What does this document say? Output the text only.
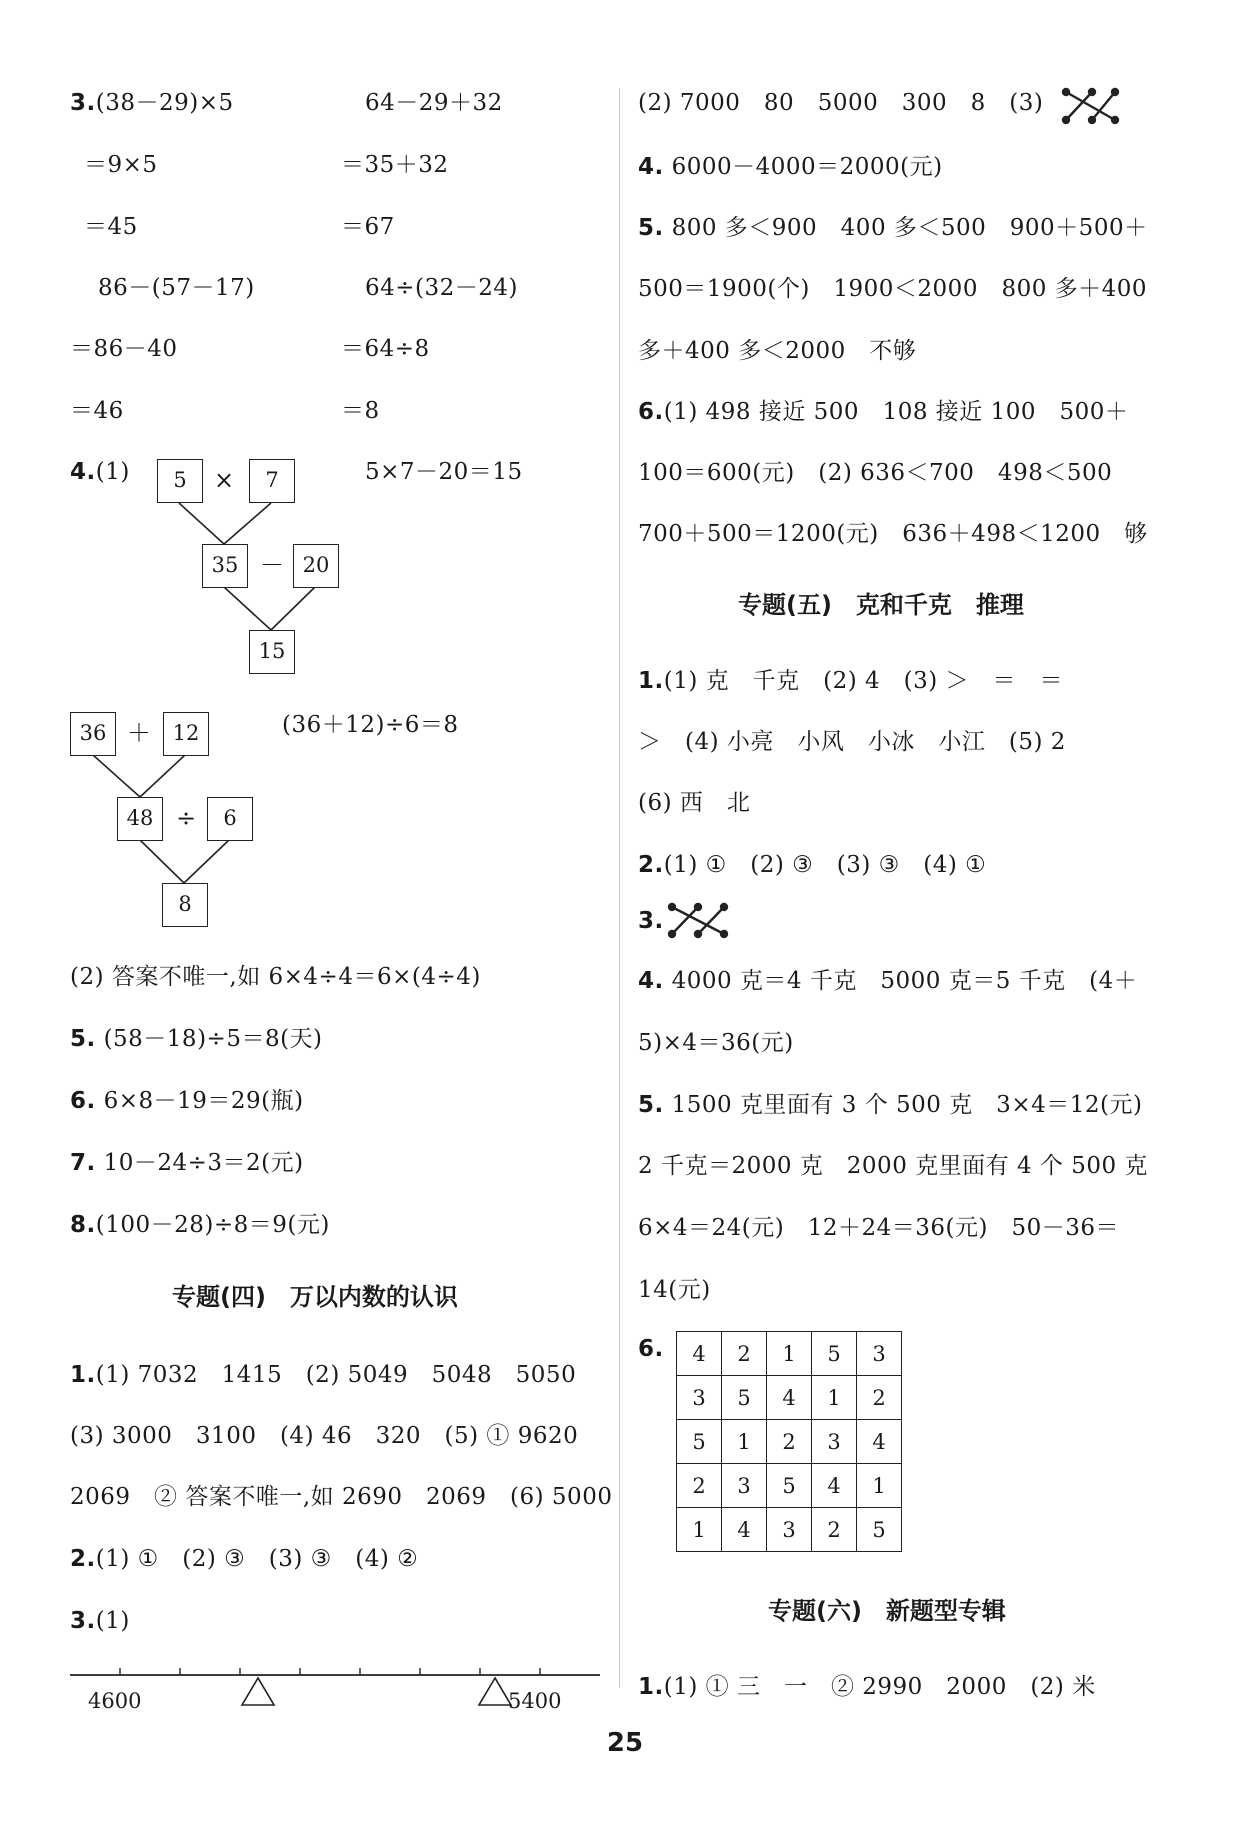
3.(38－29)×5	64－29＋32
＝9×5	＝35＋32
＝45	＝67
86－(57－17)	64÷(32－24)
＝86－40	＝64÷8
＝46	＝8
4.(1)	5×7－20＝15
5	×	7
35 － 20
15
(36＋12)÷6＝8
36 ＋	12
48 ÷	6
8
(2) 答案不唯一,如 6×4÷4＝6×(4÷4)
5. (58－18)÷5＝8(天)
6. 6×8－19＝29(瓶)
7. 10－24÷3＝2(元)
8.(100－28)÷8＝9(元)
专题(四)　万以内数的认识
1.(1) 7032　1415　(2) 5049　5048　5050
(3) 3000　3100　(4) 46　320　(5) ① 9620
2069　② 答案不唯一,如 2690　2069　(6) 5000
2.(1) ①　(2) ③　(3) ③　(4) ②
3.(1)
4600	5400
(2) 7000　80　5000　300　8　(3)
4. 6000－4000＝2000(元)
5. 800 多＜900　400 多＜500　900＋500＋
500＝1900(个)　1900＜2000　800 多＋400
多＋400 多＜2000　不够
6.(1) 498 接近 500　108 接近 100　500＋
100＝600(元)　(2) 636＜700　498＜500
700＋500＝1200(元)　636＋498＜1200　够
专题(五)　克和千克　推理
1.(1) 克　千克　(2) 4　(3) ＞　＝　＝
＞　(4) 小亮　小风　小冰　小江　(5) 2
(6) 西　北
2.(1) ①　(2) ③　(3) ③　(4) ①
3.
4. 4000 克＝4 千克　5000 克＝5 千克　(4＋
5)×4＝36(元)
5. 1500 克里面有 3 个 500 克　3×4＝12(元)
2 千克＝2000 克　2000 克里面有 4 个 500 克
6×4＝24(元)　12＋24＝36(元)　50－36＝
14(元)
6. 4	2	1	5	3
3	5	4	1	2
5	1	2	3	4
2	3	5	4	1
1	4	3	2	5
专题(六)　新题型专辑
1.(1) ① 三　一　② 2990　2000　(2) 米
25
